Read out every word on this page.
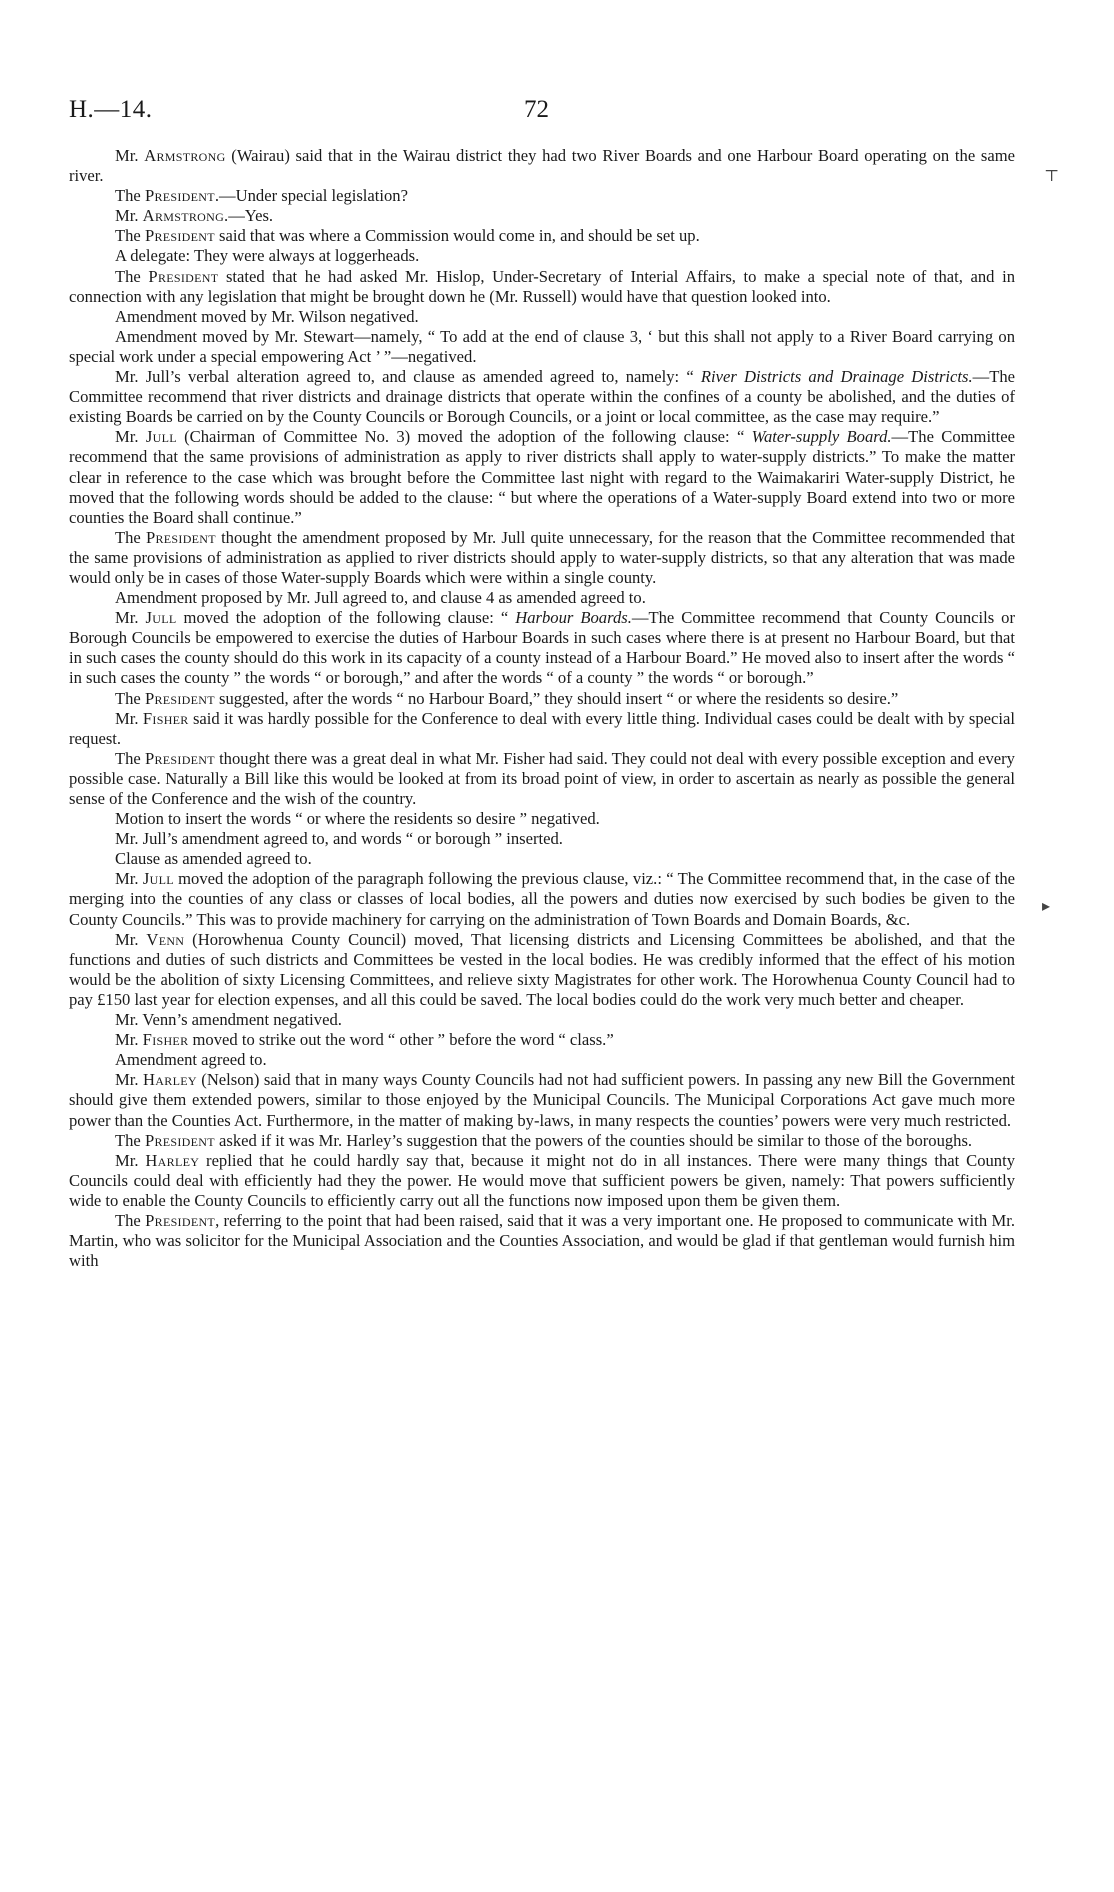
H.—14.	72
⊤
▸

Mr. Armstrong (Wairau) said that in the Wairau district they had two River Boards and one Harbour Board operating on the same river.

The President.—Under special legislation?

Mr. Armstrong.—Yes.

The President said that was where a Commission would come in, and should be set up.

A delegate: They were always at loggerheads.

The President stated that he had asked Mr. Hislop, Under-Secretary of Interial Affairs, to make a special note of that, and in connection with any legislation that might be brought down he (Mr. Russell) would have that question looked into.

Amendment moved by Mr. Wilson negatived.

Amendment moved by Mr. Stewart—namely, “ To add at the end of clause 3, ‘ but this shall not apply to a River Board carrying on special work under a special empowering Act ’ ”—negatived.

Mr. Jull’s verbal alteration agreed to, and clause as amended agreed to, namely: “ River Districts and Drainage Districts.—The Committee recommend that river districts and drainage districts that operate within the confines of a county be abolished, and the duties of existing Boards be carried on by the County Councils or Borough Councils, or a joint or local committee, as the case may require.”

Mr. Jull (Chairman of Committee No. 3) moved the adoption of the following clause: “ Water-supply Board.—The Committee recommend that the same provisions of administration as apply to river districts shall apply to water-supply districts.” To make the matter clear in reference to the case which was brought before the Committee last night with regard to the Waimakariri Water-supply District, he moved that the following words should be added to the clause: “ but where the operations of a Water-supply Board extend into two or more counties the Board shall continue.”

The President thought the amendment proposed by Mr. Jull quite unnecessary, for the reason that the Committee recommended that the same provisions of administration as applied to river districts should apply to water-supply districts, so that any alteration that was made would only be in cases of those Water-supply Boards which were within a single county.

Amendment proposed by Mr. Jull agreed to, and clause 4 as amended agreed to.

Mr. Jull moved the adoption of the following clause: “ Harbour Boards.—The Committee recommend that County Councils or Borough Councils be empowered to exercise the duties of Harbour Boards in such cases where there is at present no Harbour Board, but that in such cases the county should do this work in its capacity of a county instead of a Harbour Board.” He moved also to insert after the words “ in such cases the county ” the words “ or borough,” and after the words “ of a county ” the words “ or borough.”

The President suggested, after the words “ no Harbour Board,” they should insert “ or where the residents so desire.”

Mr. Fisher said it was hardly possible for the Conference to deal with every little thing. Individual cases could be dealt with by special request.

The President thought there was a great deal in what Mr. Fisher had said. They could not deal with every possible exception and every possible case. Naturally a Bill like this would be looked at from its broad point of view, in order to ascertain as nearly as possible the general sense of the Conference and the wish of the country.

Motion to insert the words “ or where the residents so desire ” negatived.

Mr. Jull’s amendment agreed to, and words “ or borough ” inserted.

Clause as amended agreed to.

Mr. Jull moved the adoption of the paragraph following the previous clause, viz.: “ The Committee recommend that, in the case of the merging into the counties of any class or classes of local bodies, all the powers and duties now exercised by such bodies be given to the County Councils.” This was to provide machinery for carrying on the administration of Town Boards and Domain Boards, &c.

Mr. Venn (Horowhenua County Council) moved, That licensing districts and Licensing Committees be abolished, and that the functions and duties of such districts and Committees be vested in the local bodies. He was credibly informed that the effect of his motion would be the abolition of sixty Licensing Committees, and relieve sixty Magistrates for other work. The Horowhenua County Council had to pay £150 last year for election expenses, and all this could be saved. The local bodies could do the work very much better and cheaper.

Mr. Venn’s amendment negatived.

Mr. Fisher moved to strike out the word “ other ” before the word “ class.”

Amendment agreed to.

Mr. Harley (Nelson) said that in many ways County Councils had not had sufficient powers. In passing any new Bill the Government should give them extended powers, similar to those enjoyed by the Municipal Councils. The Municipal Corporations Act gave much more power than the Counties Act. Furthermore, in the matter of making by-laws, in many respects the counties’ powers were very much restricted.

The President asked if it was Mr. Harley’s suggestion that the powers of the counties should be similar to those of the boroughs.

Mr. Harley replied that he could hardly say that, because it might not do in all instances. There were many things that County Councils could deal with efficiently had they the power. He would move that sufficient powers be given, namely: That powers sufficiently wide to enable the County Councils to efficiently carry out all the functions now imposed upon them be given them.

The President, referring to the point that had been raised, said that it was a very important one. He proposed to communicate with Mr. Martin, who was solicitor for the Municipal Association and the Counties Association, and would be glad if that gentleman would furnish him with
